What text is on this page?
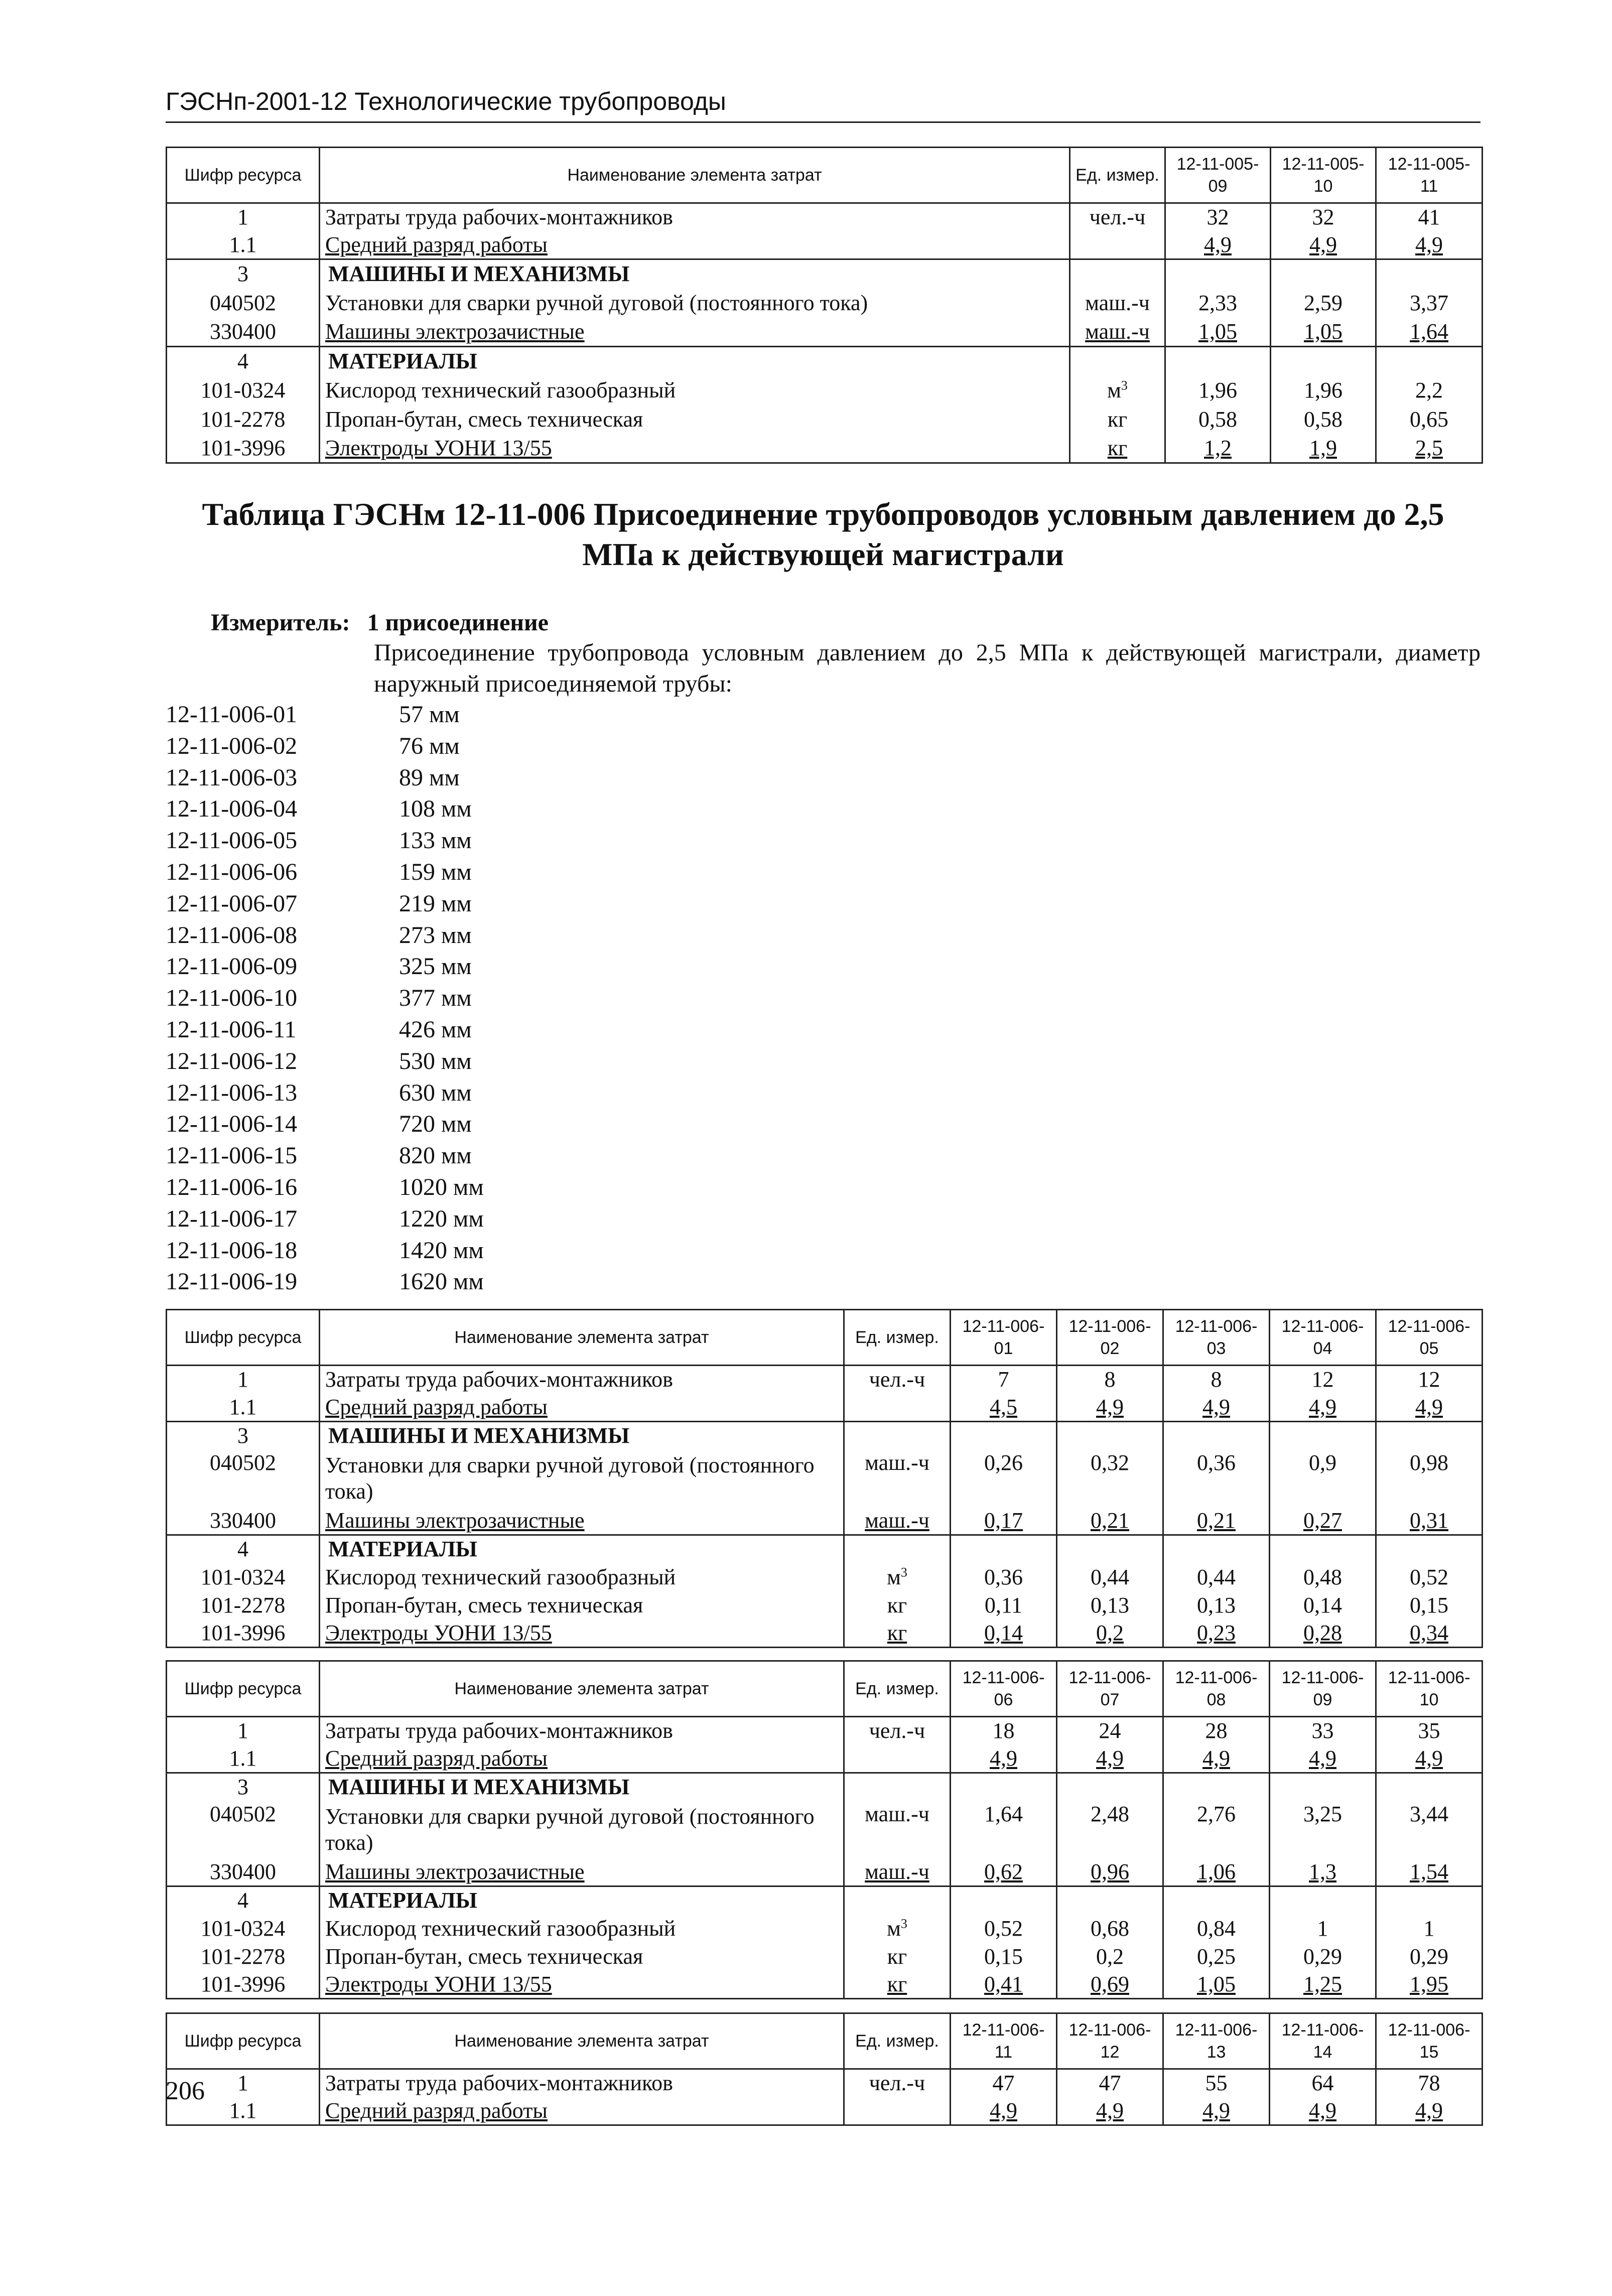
ГЭСНп-2001-12 Технологические трубопроводы
Шифр ресурса	Наименование элемента затрат	Ед. измер.	12-11-005-09	12-11-005-10	12-11-005-11
1	Затраты труда рабочих-монтажников	чел.-ч	32	32	41
1.1	Средний разряд работы		4,9	4,9	4,9
3	МАШИНЫ И МЕХАНИЗМЫ				
040502	Установки для сварки ручной дуговой (постоянного тока)	маш.-ч	2,33	2,59	3,37
330400	Машины электрозачистные	маш.-ч	1,05	1,05	1,64
4	МАТЕРИАЛЫ				
101-0324	Кислород технический газообразный	$м^3$	1,96	1,96	2,2
101-2278	Пропан-бутан, смесь техническая	кг	0,58	0,58	0,65
101-3996	Электроды УОНИ 13/55	кг	1,2	1,9	2,5
Таблица ГЭСНм 12-11-006 Присоединение трубопроводов условным давлением до 2,5
МПа к действующей магистрали
Измеритель: 1 присоединение
Присоединение трубопровода условным давлением до 2,5 МПа к действующей магистрали, диаметр наружный присоединяемой трубы:
12-11-006-01	57 мм
12-11-006-02	76 мм
12-11-006-03	89 мм
12-11-006-04	108 мм
12-11-006-05	133 мм
12-11-006-06	159 мм
12-11-006-07	219 мм
12-11-006-08	273 мм
12-11-006-09	325 мм
12-11-006-10	377 мм
12-11-006-11	426 мм
12-11-006-12	530 мм
12-11-006-13	630 мм
12-11-006-14	720 мм
12-11-006-15	820 мм
12-11-006-16	1020 мм
12-11-006-17	1220 мм
12-11-006-18	1420 мм
12-11-006-19	1620 мм
Шифр ресурса	Наименование элемента затрат	Ед. измер.	12-11-006-01	12-11-006-02	12-11-006-03	12-11-006-04	12-11-006-05
1	Затраты труда рабочих-монтажников	чел.-ч	7	8	8	12	12
1.1	Средний разряд работы		4,5	4,9	4,9	4,9	4,9
3	МАШИНЫ И МЕХАНИЗМЫ						
040502	Установки для сварки ручной дуговой (постоянного тока)	маш.-ч	0,26	0,32	0,36	0,9	0,98
330400	Машины электрозачистные	маш.-ч	0,17	0,21	0,21	0,27	0,31
4	МАТЕРИАЛЫ						
101-0324	Кислород технический газообразный	$м^3$	0,36	0,44	0,44	0,48	0,52
101-2278	Пропан-бутан, смесь техническая	кг	0,11	0,13	0,13	0,14	0,15
101-3996	Электроды УОНИ 13/55	кг	0,14	0,2	0,23	0,28	0,34
Шифр ресурса	Наименование элемента затрат	Ед. измер.	12-11-006-06	12-11-006-07	12-11-006-08	12-11-006-09	12-11-006-10
1	Затраты труда рабочих-монтажников	чел.-ч	18	24	28	33	35
1.1	Средний разряд работы		4,9	4,9	4,9	4,9	4,9
3	МАШИНЫ И МЕХАНИЗМЫ						
040502	Установки для сварки ручной дуговой (постоянного тока)	маш.-ч	1,64	2,48	2,76	3,25	3,44
330400	Машины электрозачистные	маш.-ч	0,62	0,96	1,06	1,3	1,54
4	МАТЕРИАЛЫ						
101-0324	Кислород технический газообразный	$м^3$	0,52	0,68	0,84	1	1
101-2278	Пропан-бутан, смесь техническая	кг	0,15	0,2	0,25	0,29	0,29
101-3996	Электроды УОНИ 13/55	кг	0,41	0,69	1,05	1,25	1,95
Шифр ресурса	Наименование элемента затрат	Ед. измер.	12-11-006-11	12-11-006-12	12-11-006-13	12-11-006-14	12-11-006-15
1	Затраты труда рабочих-монтажников	чел.-ч	47	47	55	64	78
1.1	Средний разряд работы		4,9	4,9	4,9	4,9	4,9
206
